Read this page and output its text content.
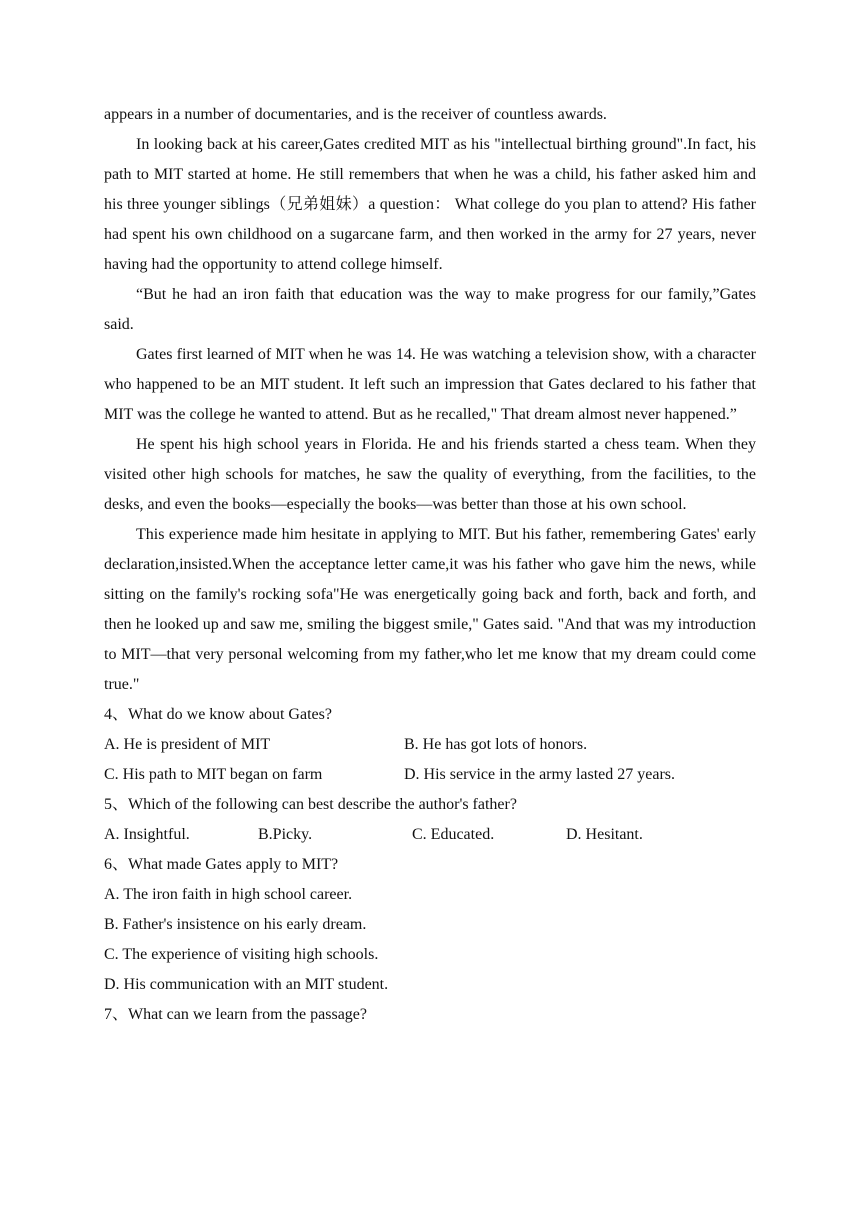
appears in a number of documentaries, and is the receiver of countless awards.

In looking back at his career,Gates credited MIT as his "intellectual birthing ground".In fact, his path to MIT started at home. He still remembers that when he was a child, his father asked him and his three younger siblings（兄弟姐妹）a question： What college do you plan to attend? His father had spent his own childhood on a sugarcane farm, and then worked in the army for 27 years, never having had the opportunity to attend college himself.

“But he had an iron faith that education was the way to make progress for our family,”Gates said.

Gates first learned of MIT when he was 14. He was watching a television show, with a character who happened to be an MIT student. It left such an impression that Gates declared to his father that MIT was the college he wanted to attend. But as he recalled," That dream almost never happened.”

He spent his high school years in Florida. He and his friends started a chess team. When they visited other high schools for matches, he saw the quality of everything, from the facilities, to the desks, and even the books—especially the books—was better than those at his own school.

This experience made him hesitate in applying to MIT. But his father, remembering Gates' early declaration,insisted.When the acceptance letter came,it was his father who gave him the news, while sitting on the family's rocking sofa"He was energetically going back and forth, back and forth, and then he looked up and saw me, smiling the biggest smile," Gates said. "And that was my introduction to MIT—that very personal welcoming from my father,who let me know that my dream could come true."

4、What do we know about Gates?

A. He is president of MIT	B. He has got lots of honors.
C. His path to MIT began on farm	D. His service in the army lasted 27 years.

5、Which of the following can best describe the author's father?

A. Insightful.	B.Picky.	C. Educated.	D. Hesitant.

6、What made Gates apply to MIT?

A. The iron faith in high school career.
B. Father's insistence on his early dream.
C. The experience of visiting high schools.
D. His communication with an MIT student.

7、What can we learn from the passage?
